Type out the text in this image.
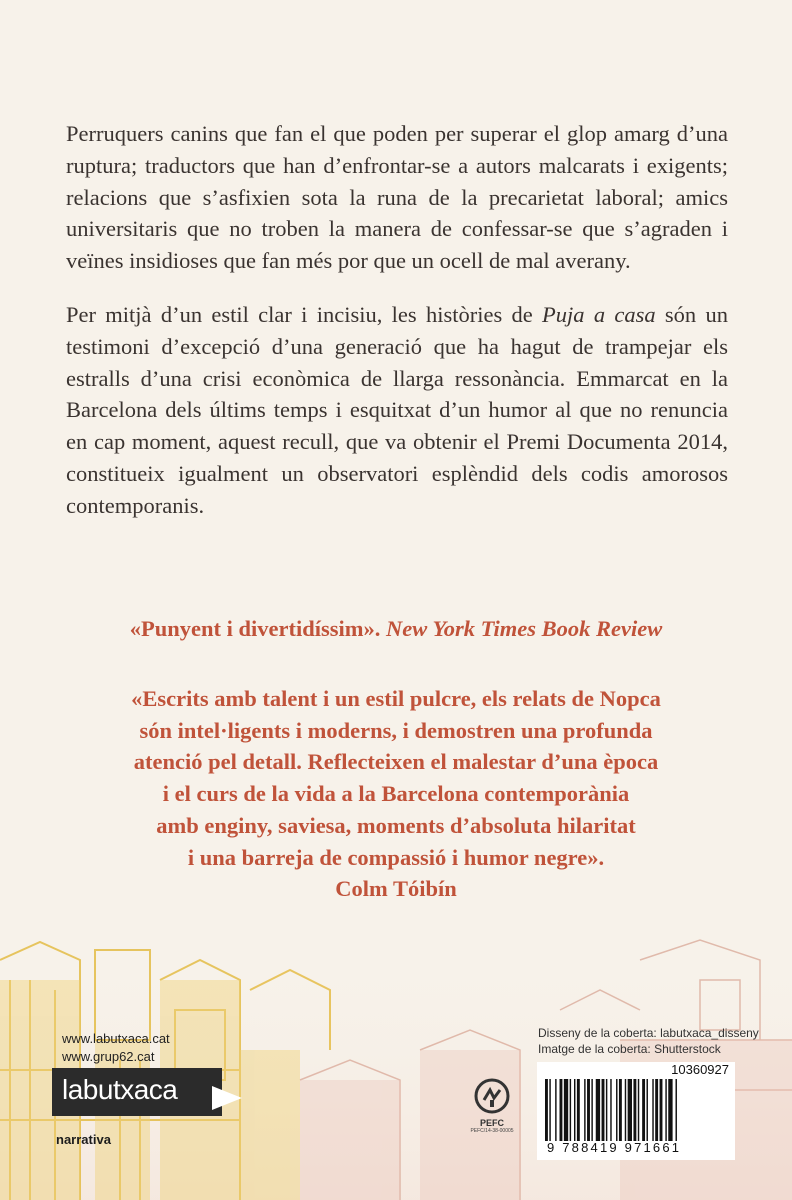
Perruquers canins que fan el que poden per superar el glop amarg d’una ruptura; traductors que han d’enfrontar-se a autors malcarats i exigents; relacions que s’asfixien sota la runa de la precarietat laboral; amics universitaris que no troben la manera de confessar-se que s’agraden i veïnes insidioses que fan més por que un ocell de mal averany.

Per mitjà d’un estil clar i incisiu, les històries de Puja a casa són un testimoni d’excepció d’una generació que ha hagut de trampejar els estralls d’una crisi econòmica de llarga ressonància. Emmarcat en la Barcelona dels últims temps i esquitxat d’un humor al que no renuncia en cap moment, aquest recull, que va obtenir el Premi Documenta 2014, constitueix igualment un observatori esplèndid dels codis amorosos contemporanis.

«Punyent i divertidíssim». New York Times Book Review
«Escrits amb talent i un estil pulcre, els relats de Nopca
són intel·ligents i moderns, i demostren una profunda
atenció pel detall. Reflecteixen el malestar d’una època
i el curs de la vida a la Barcelona contemporània
amb enginy, saviesa, moments d’absoluta hilaritat
i una barreja de compassió i humor negre».
Colm Tóibín
www.labutxaca.cat
www.grup62.cat
labutxaca
narrativa
PEFC
PEFC/14-38-00005
Disseny de la coberta: labutxaca_disseny
Imatge de la coberta: Shutterstock
10360927
9 788419 971661
